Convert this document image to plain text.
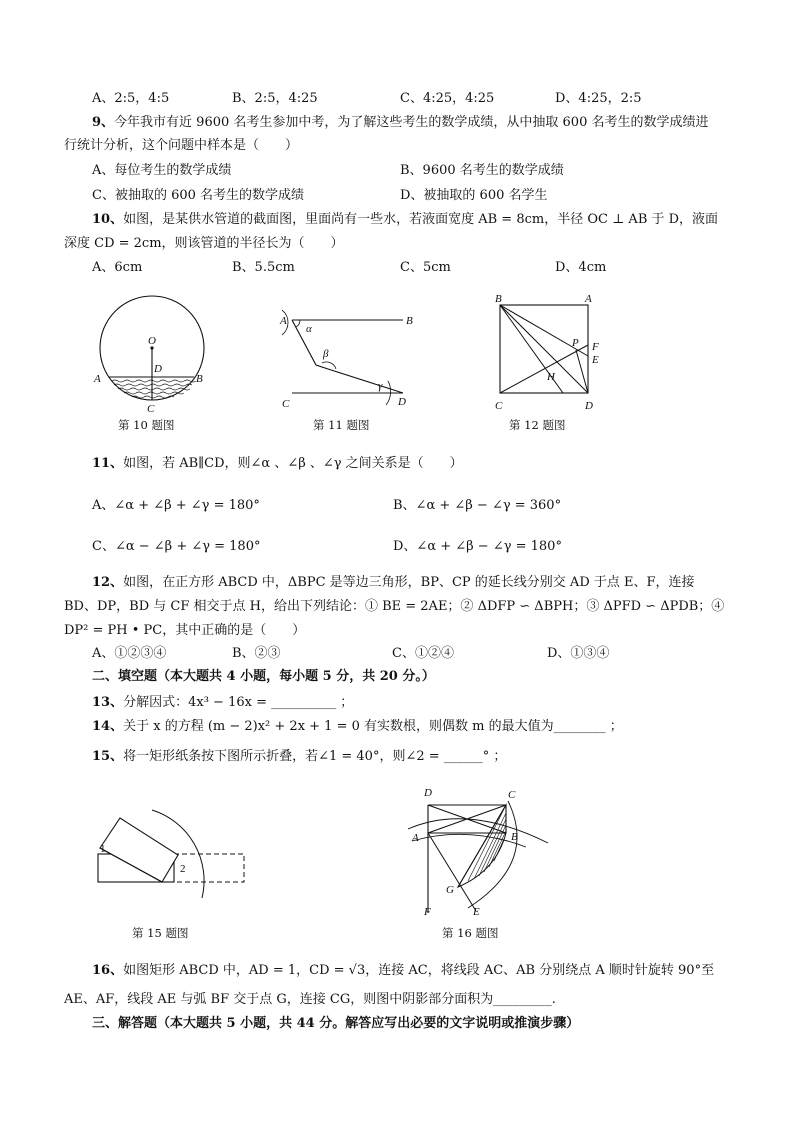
A、2:5，4:5	B、2:5，4:25	C、4:25，4:25	D、4:25，2:5
9、今年我市有近 9600 名考生参加中考，为了解这些考生的数学成绩，从中抽取 600 名考生的数学成绩进
行统计分析，这个问题中样本是（　　）
A、每位考生的数学成绩	B、9600 名考生的数学成绩
C、被抽取的 600 名考生的数学成绩	D、被抽取的 600 名学生
10、如图，是某供水管道的截面图，里面尚有一些水，若液面宽度 AB = 8cm，半径 OC ⊥ AB 于 D，液面
深度 CD = 2cm，则该管道的半径长为（　　）
A、6cm	B、5.5cm	C、5cm	D、4cm
O
D
A	B
C
第 10 题图
A	B
C	D
α
β
γ
第 11 题图
B	A
P F
E
H
C	D
第 12 题图
11、如图，若 AB∥CD，则∠α 、∠β 、∠γ 之间关系是（　　）
A、∠α + ∠β + ∠γ = 180°	B、∠α + ∠β − ∠γ = 360°
C、∠α − ∠β + ∠γ = 180°	D、∠α + ∠β − ∠γ = 180°
12、如图，在正方形 ABCD 中，ΔBPC 是等边三角形，BP、CP 的延长线分别交 AD 于点 E、F，连接
BD、DP，BD 与 CF 相交于点 H，给出下列结论：① BE = 2AE；② ΔDFP ∽ ΔBPH；③ ΔPFD ∽ ΔPDB；④
DP² = PH • PC，其中正确的是（　　）
A、①②③④	B、②③	C、①②④	D、①③④
二、填空题（本大题共 4 小题，每小题 5 分，共 20 分。）
13、分解因式：4x³ − 16x = __________ ；
14、关于 x 的方程 (m − 2)x² + 2x + 1 = 0 有实数根，则偶数 m 的最大值为________ ；
15、将一矩形纸条按下图所示折叠，若∠1 = 40°，则∠2 = ______° ；
1
2
第 15 题图
D	C
A	B
G
F	E
第 16 题图
16、如图矩形 ABCD 中，AD = 1，CD = √3，连接 AC，将线段 AC、AB 分别绕点 A 顺时针旋转 90°至
AE、AF，线段 AE 与弧 BF 交于点 G，连接 CG，则图中阴影部分面积为_________.
三、解答题（本大题共 5 小题，共 44 分。解答应写出必要的文字说明或推演步骤）
